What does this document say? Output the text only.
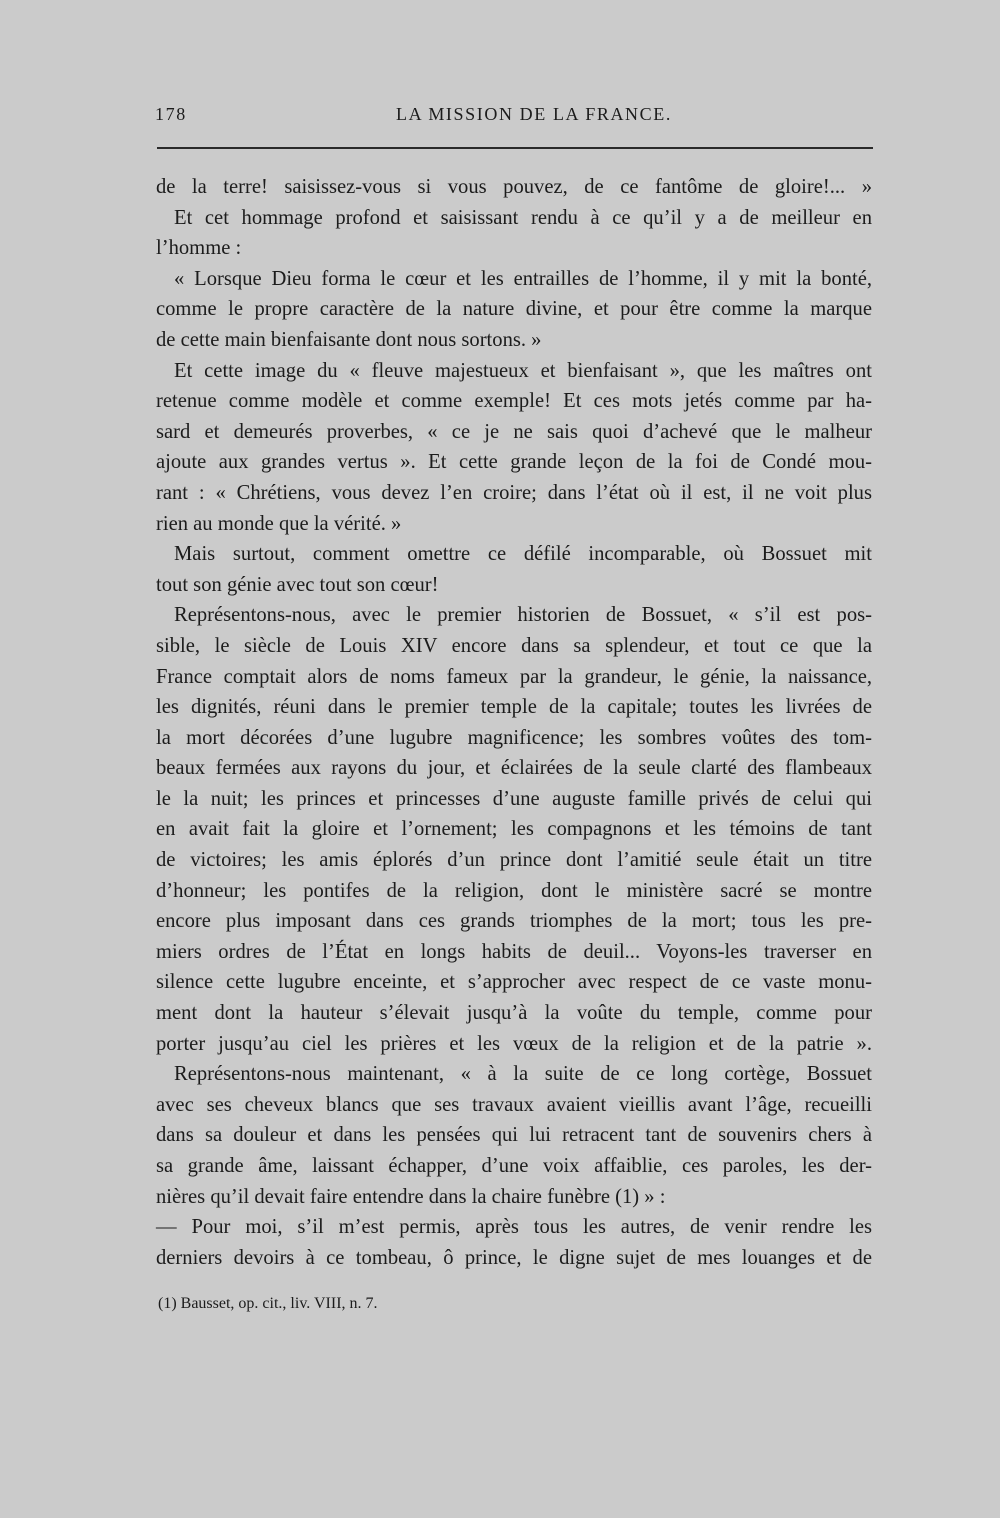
178	LA MISSION DE LA FRANCE.
de la terre! saisissez-vous si vous pouvez, de ce fantôme de gloire!... »
Et cet hommage profond et saisissant rendu à ce qu’il y a de meilleur en
l’homme :
« Lorsque Dieu forma le cœur et les entrailles de l’homme, il y mit la bonté,
comme le propre caractère de la nature divine, et pour être comme la marque
de cette main bienfaisante dont nous sortons. »
Et cette image du « fleuve majestueux et bienfaisant », que les maîtres ont
retenue comme modèle et comme exemple! Et ces mots jetés comme par ha-
sard et demeurés proverbes, « ce je ne sais quoi d’achevé que le malheur
ajoute aux grandes vertus ». Et cette grande leçon de la foi de Condé mou-
rant : « Chrétiens, vous devez l’en croire; dans l’état où il est, il ne voit plus
rien au monde que la vérité. »
Mais surtout, comment omettre ce défilé incomparable, où Bossuet mit
tout son génie avec tout son cœur!
Représentons-nous, avec le premier historien de Bossuet, « s’il est pos-
sible, le siècle de Louis XIV encore dans sa splendeur, et tout ce que la
France comptait alors de noms fameux par la grandeur, le génie, la naissance,
les dignités, réuni dans le premier temple de la capitale; toutes les livrées de
la mort décorées d’une lugubre magnificence; les sombres voûtes des tom-
beaux fermées aux rayons du jour, et éclairées de la seule clarté des flambeaux
le la nuit; les princes et princesses d’une auguste famille privés de celui qui
en avait fait la gloire et l’ornement; les compagnons et les témoins de tant
de victoires; les amis éplorés d’un prince dont l’amitié seule était un titre
d’honneur; les pontifes de la religion, dont le ministère sacré se montre
encore plus imposant dans ces grands triomphes de la mort; tous les pre-
miers ordres de l’État en longs habits de deuil... Voyons-les traverser en
silence cette lugubre enceinte, et s’approcher avec respect de ce vaste monu-
ment dont la hauteur s’élevait jusqu’à la voûte du temple, comme pour
porter jusqu’au ciel les prières et les vœux de la religion et de la patrie ».
Représentons-nous maintenant, « à la suite de ce long cortège, Bossuet
avec ses cheveux blancs que ses travaux avaient vieillis avant l’âge, recueilli
dans sa douleur et dans les pensées qui lui retracent tant de souvenirs chers à
sa grande âme, laissant échapper, d’une voix affaiblie, ces paroles, les der-
nières qu’il devait faire entendre dans la chaire funèbre (1) » :
— Pour moi, s’il m’est permis, après tous les autres, de venir rendre les
derniers devoirs à ce tombeau, ô prince, le digne sujet de mes louanges et de
(1) Bausset, op. cit., liv. VIII, n. 7.
